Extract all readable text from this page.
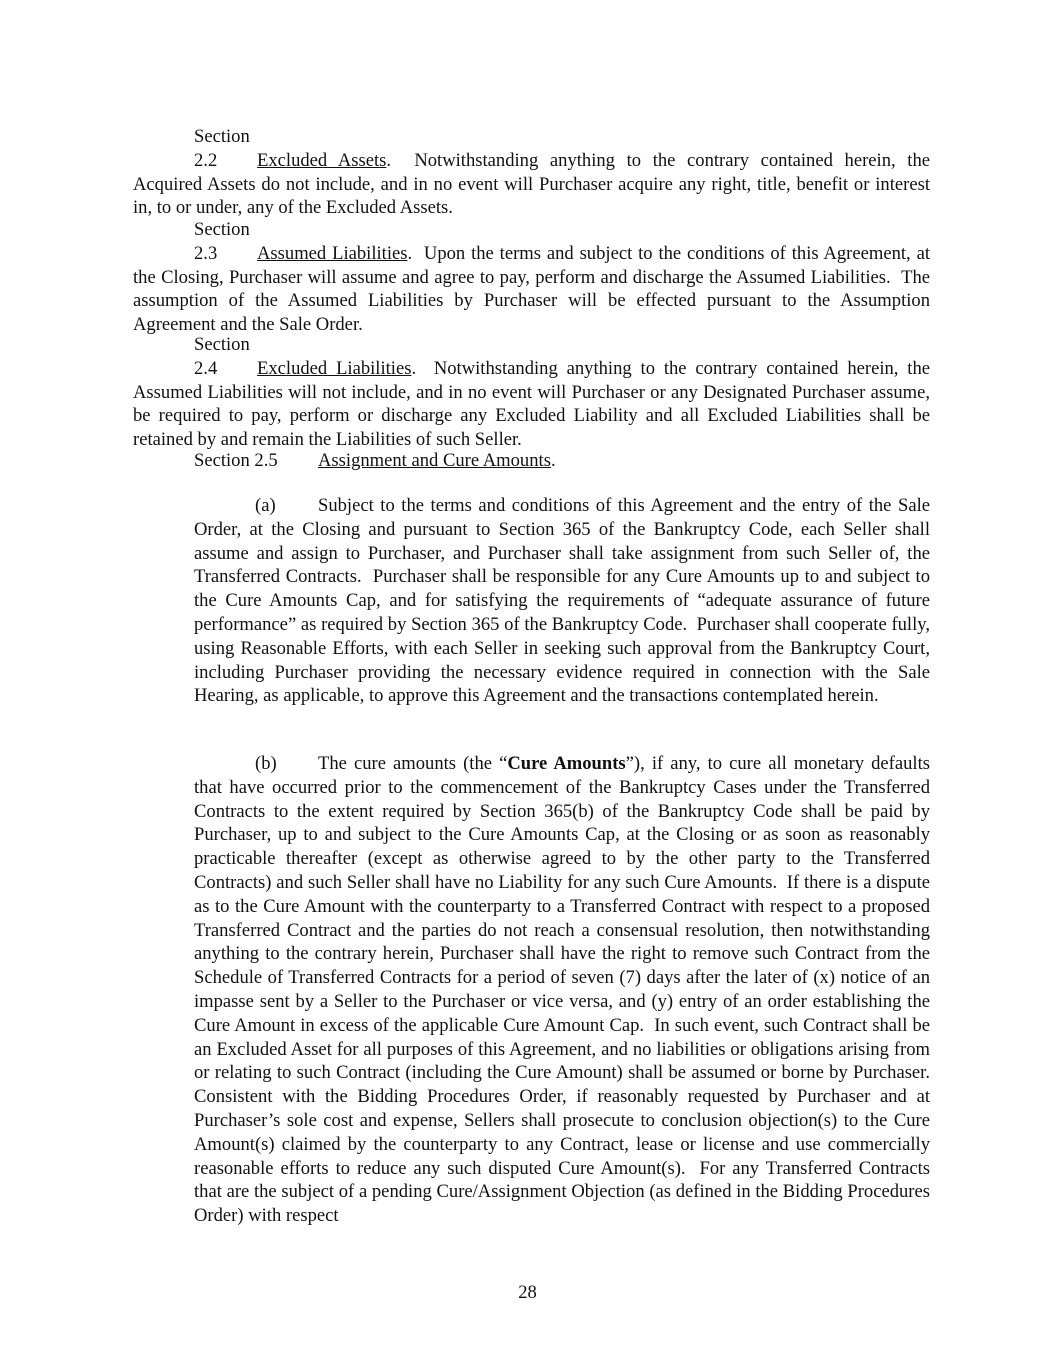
Section 2.2 Excluded Assets.  Notwithstanding anything to the contrary contained herein, the Acquired Assets do not include, and in no event will Purchaser acquire any right, title, benefit or interest in, to or under, any of the Excluded Assets.

Section 2.3 Assumed Liabilities.  Upon the terms and subject to the conditions of this Agreement, at the Closing, Purchaser will assume and agree to pay, perform and discharge the Assumed Liabilities.  The assumption of the Assumed Liabilities by Purchaser will be effected pursuant to the Assumption Agreement and the Sale Order.

Section 2.4 Excluded Liabilities.  Notwithstanding anything to the contrary contained herein, the Assumed Liabilities will not include, and in no event will Purchaser or any Designated Purchaser assume, be required to pay, perform or discharge any Excluded Liability and all Excluded Liabilities shall be retained by and remain the Liabilities of such Seller.

Section 2.5 Assignment and Cure Amounts.

(a) Subject to the terms and conditions of this Agreement and the entry of the Sale Order, at the Closing and pursuant to Section 365 of the Bankruptcy Code, each Seller shall assume and assign to Purchaser, and Purchaser shall take assignment from such Seller of, the Transferred Contracts.  Purchaser shall be responsible for any Cure Amounts up to and subject to the Cure Amounts Cap, and for satisfying the requirements of “adequate assurance of future performance” as required by Section 365 of the Bankruptcy Code.  Purchaser shall cooperate fully, using Reasonable Efforts, with each Seller in seeking such approval from the Bankruptcy Court, including Purchaser providing the necessary evidence required in connection with the Sale Hearing, as applicable, to approve this Agreement and the transactions contemplated herein.

(b) The cure amounts (the “Cure Amounts”), if any, to cure all monetary defaults that have occurred prior to the commencement of the Bankruptcy Cases under the Transferred Contracts to the extent required by Section 365(b) of the Bankruptcy Code shall be paid by Purchaser, up to and subject to the Cure Amounts Cap, at the Closing or as soon as reasonably practicable thereafter (except as otherwise agreed to by the other party to the Transferred Contracts) and such Seller shall have no Liability for any such Cure Amounts.  If there is a dispute as to the Cure Amount with the counterparty to a Transferred Contract with respect to a proposed Transferred Contract and the parties do not reach a consensual resolution, then notwithstanding anything to the contrary herein, Purchaser shall have the right to remove such Contract from the Schedule of Transferred Contracts for a period of seven (7) days after the later of (x) notice of an impasse sent by a Seller to the Purchaser or vice versa, and (y) entry of an order establishing the Cure Amount in excess of the applicable Cure Amount Cap.  In such event, such Contract shall be an Excluded Asset for all purposes of this Agreement, and no liabilities or obligations arising from or relating to such Contract (including the Cure Amount) shall be assumed or borne by Purchaser.  Consistent with the Bidding Procedures Order, if reasonably requested by Purchaser and at Purchaser’s sole cost and expense, Sellers shall prosecute to conclusion objection(s) to the Cure Amount(s) claimed by the counterparty to any Contract, lease or license and use commercially reasonable efforts to reduce any such disputed Cure Amount(s).  For any Transferred Contracts that are the subject of a pending Cure/Assignment Objection (as defined in the Bidding Procedures Order) with respect

28
